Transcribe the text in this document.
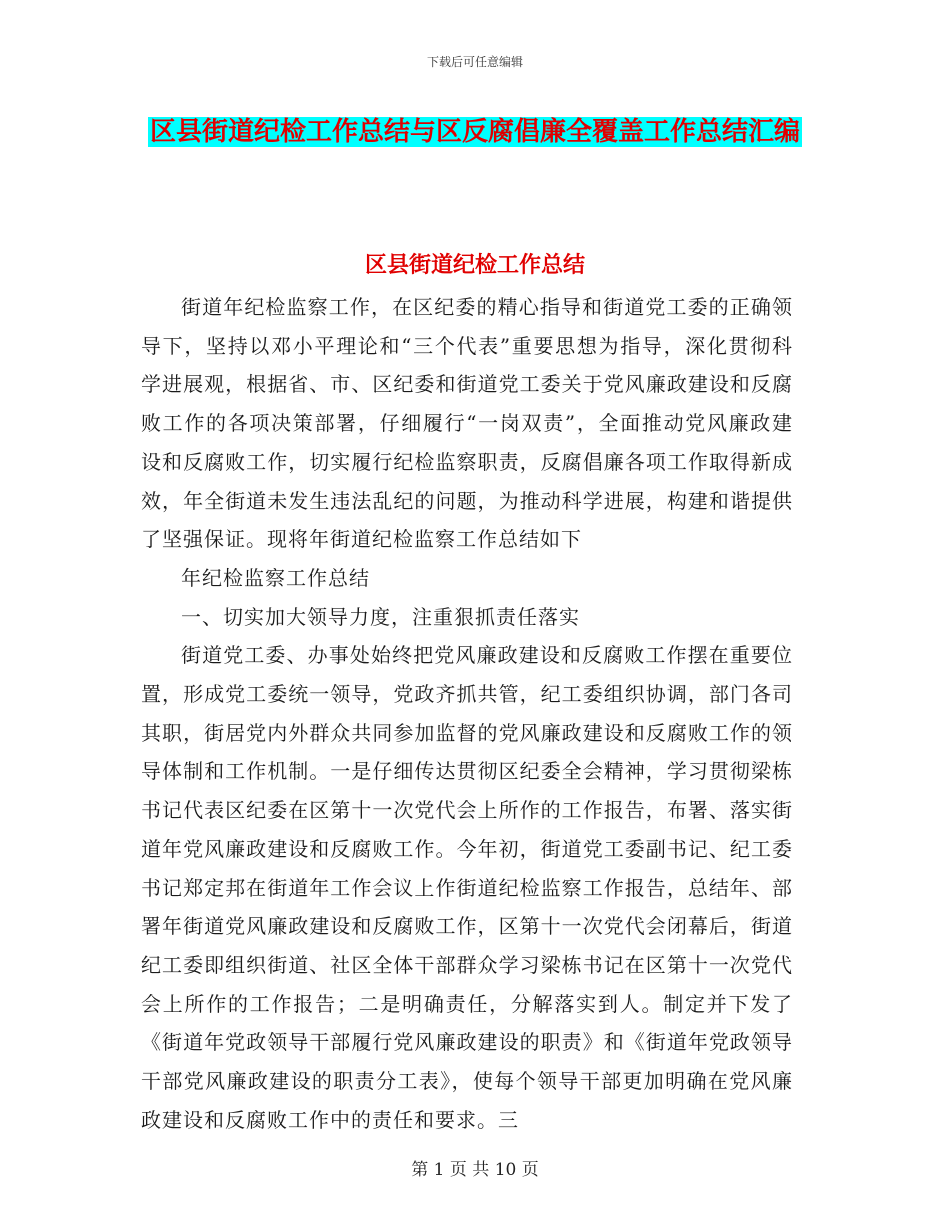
下载后可任意编辑
区县街道纪检工作总结与区反腐倡廉全覆盖工作总结汇编
区县街道纪检工作总结

街道年纪检监察工作，在区纪委的精心指导和街道党工委的正确领导下，坚持以邓小平理论和“三个代表”重要思想为指导，深化贯彻科学进展观，根据省、市、区纪委和街道党工委关于党风廉政建设和反腐败工作的各项决策部署，仔细履行“一岗双责”，全面推动党风廉政建设和反腐败工作，切实履行纪检监察职责，反腐倡廉各项工作取得新成效，年全街道未发生违法乱纪的问题，为推动科学进展，构建和谐提供了坚强保证。现将年街道纪检监察工作总结如下

年纪检监察工作总结

一、切实加大领导力度，注重狠抓责任落实

街道党工委、办事处始终把党风廉政建设和反腐败工作摆在重要位置，形成党工委统一领导，党政齐抓共管，纪工委组织协调，部门各司其职，街居党内外群众共同参加监督的党风廉政建设和反腐败工作的领导体制和工作机制。一是仔细传达贯彻区纪委全会精神，学习贯彻梁栋书记代表区纪委在区第十一次党代会上所作的工作报告，布署、落实街道年党风廉政建设和反腐败工作。今年初，街道党工委副书记、纪工委书记郑定邦在街道年工作会议上作街道纪检监察工作报告，总结年、部署年街道党风廉政建设和反腐败工作，区第十一次党代会闭幕后，街道纪工委即组织街道、社区全体干部群众学习梁栋书记在区第十一次党代会上所作的工作报告；二是明确责任，分解落实到人。制定并下发了《街道年党政领导干部履行党风廉政建设的职责》和《街道年党政领导干部党风廉政建设的职责分工表》，使每个领导干部更加明确在党风廉政建设和反腐败工作中的责任和要求。三

第 1 页 共 10 页
